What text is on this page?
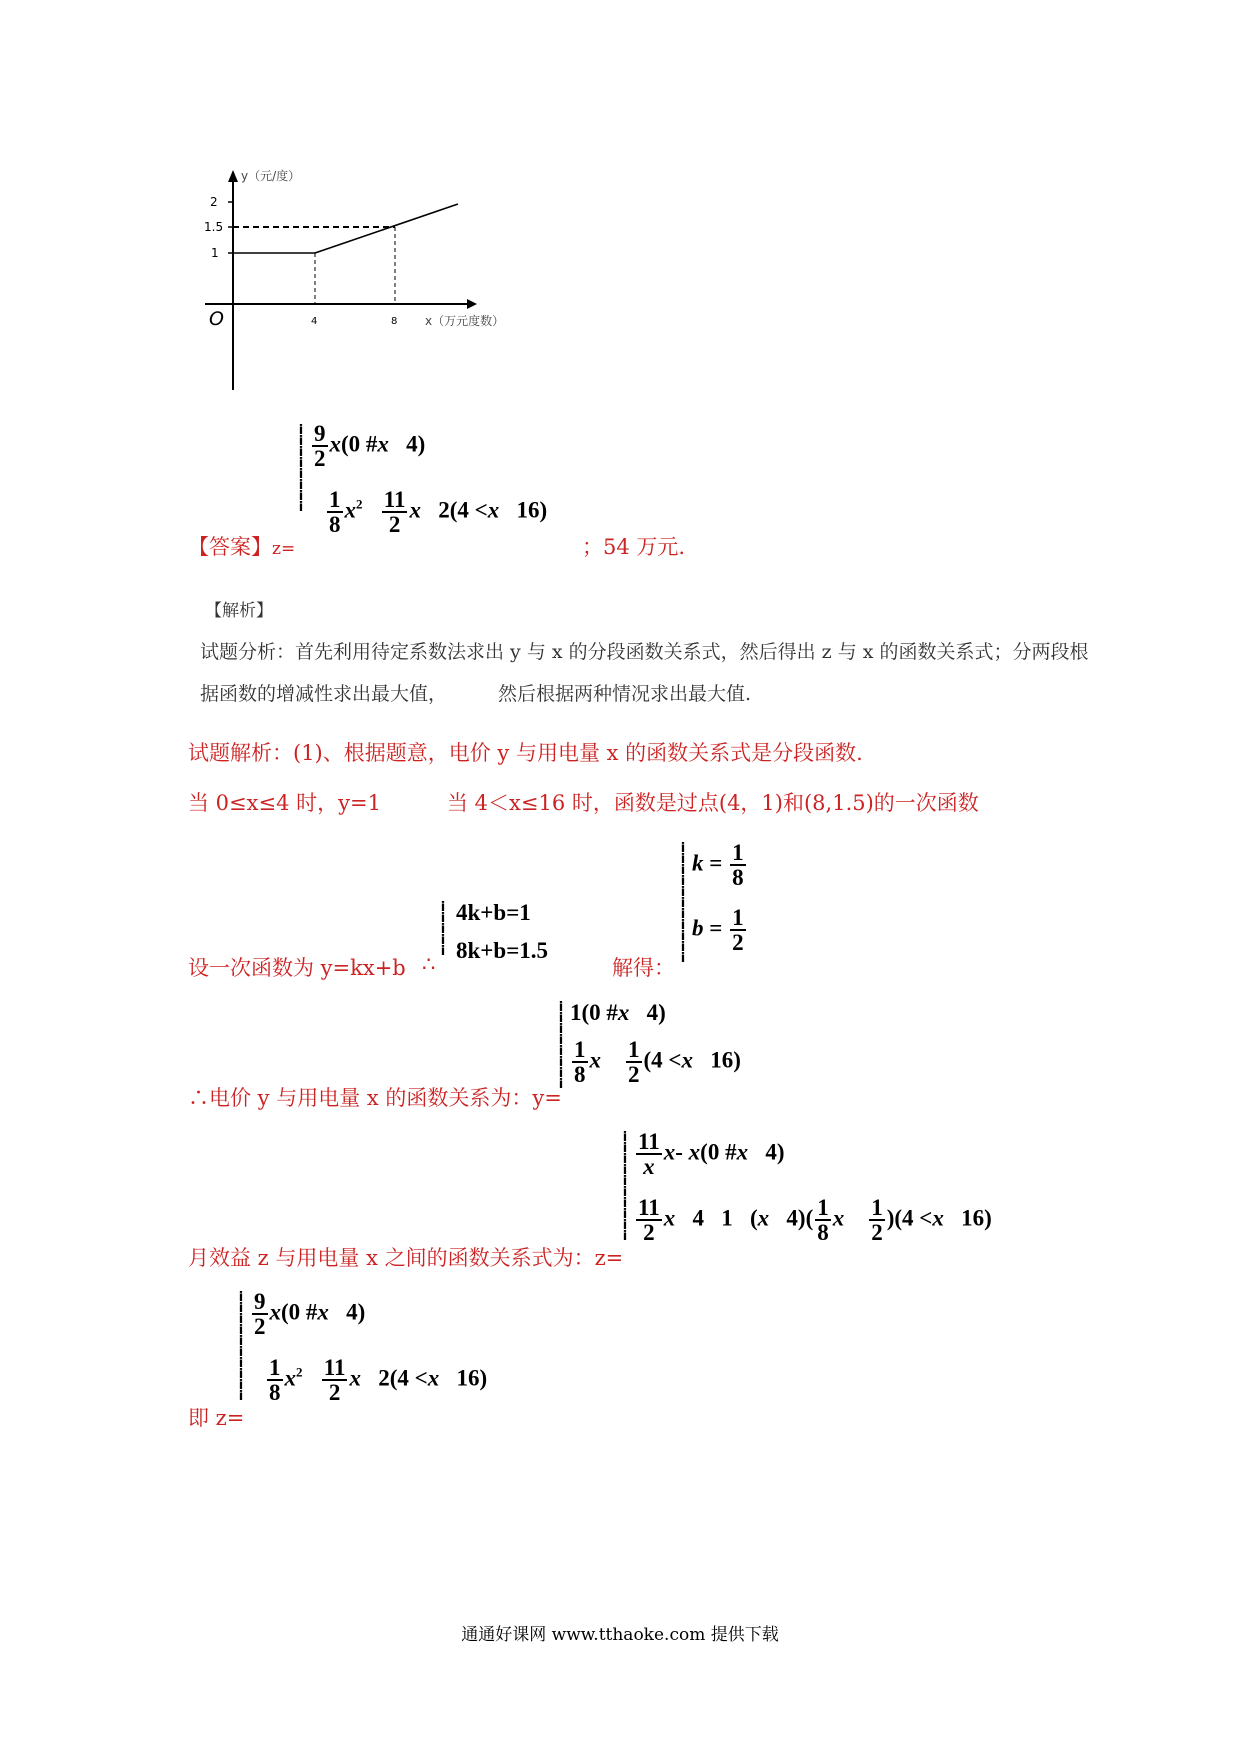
2
1.5
1
4	8
O
y（元/度）
x（万元度数）
i
i
i
i
i
i
i
i
$\frac{9}{2} x(0$ #x   4)
$\frac{1}{8} x^2 \frac{11}{2}$ x   2(4 <x   16)
【答案】z=	；54 万元.
【解析】
试题分析：首先利用待定系数法求出 y 与 x 的分段函数关系式，然后得出 z 与 x 的函数关系式；分两段根
据函数的增减性求出最大值，	然后根据两种情况求出最大值.
试题解析：(1)、根据题意，电价 y 与用电量 x 的函数关系式是分段函数.
当 0≤x≤4 时，y=1	当 4＜x≤16 时，函数是过点(4，1)和(8,1.5)的一次函数
设一次函数为 y=kx+b ∴
i
i
i
i
i
4k+b=1
8k+b=1.5
解得：
i
i
i
i
i
i
i
i
i
i
i
$k = \frac{1}{8}$
$b = \frac{1}{2}$
i
i
i
i
i
i
i
i
1(0 #x   4)
$\frac{1}{8}$ x $\frac{1}{2} (4 <x$   16)
∴电价 y 与用电量 x 的函数关系为：y=
i
i
i
i
i
i
i
i
i
i
$\frac{11}{x} x-$ x(0 #x   4)
$\frac{11}{2}$ x   4   1   (x   $4)( \frac{1}{8}$ x $\frac{1}{2} )(4 <x$   16)
月效益 z 与用电量 x 之间的函数关系式为：z=
i
i
i
i
i
i
i
i
i
i
$\frac{9}{2} x(0$ #x   4)
$\frac{1}{8} x^2 \frac{11}{2}$ x   2(4 <x   16)
即 z=
通通好课网 www.tthaoke.com 提供下载
